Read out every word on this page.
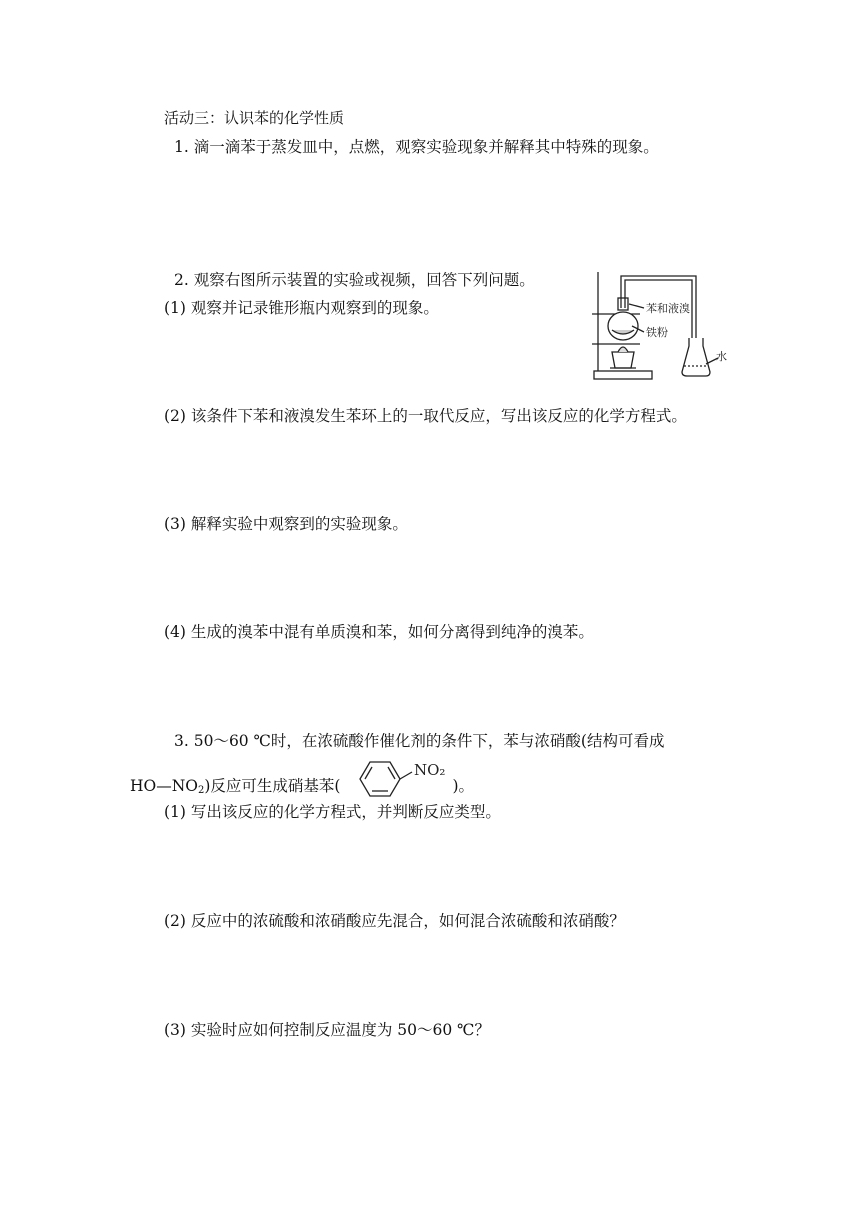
活动三：认识苯的化学性质
1. 滴一滴苯于蒸发皿中，点燃，观察实验现象并解释其中特殊的现象。
2. 观察右图所示装置的实验或视频，回答下列问题。
(1) 观察并记录锥形瓶内观察到的现象。	苯和液溴
铁粉
水
(2) 该条件下苯和液溴发生苯环上的一取代反应，写出该反应的化学方程式。
(3) 解释实验中观察到的实验现象。
(4) 生成的溴苯中混有单质溴和苯，如何分离得到纯净的溴苯。
3. 50～60 ℃时，在浓硫酸作催化剂的条件下，苯与浓硝酸(结构可看成
$HO—NO_2$)反应可生成硝基苯(	)。
NO₂
(1) 写出该反应的化学方程式，并判断反应类型。
(2) 反应中的浓硫酸和浓硝酸应先混合，如何混合浓硫酸和浓硝酸？
(3) 实验时应如何控制反应温度为 50～60 ℃？
